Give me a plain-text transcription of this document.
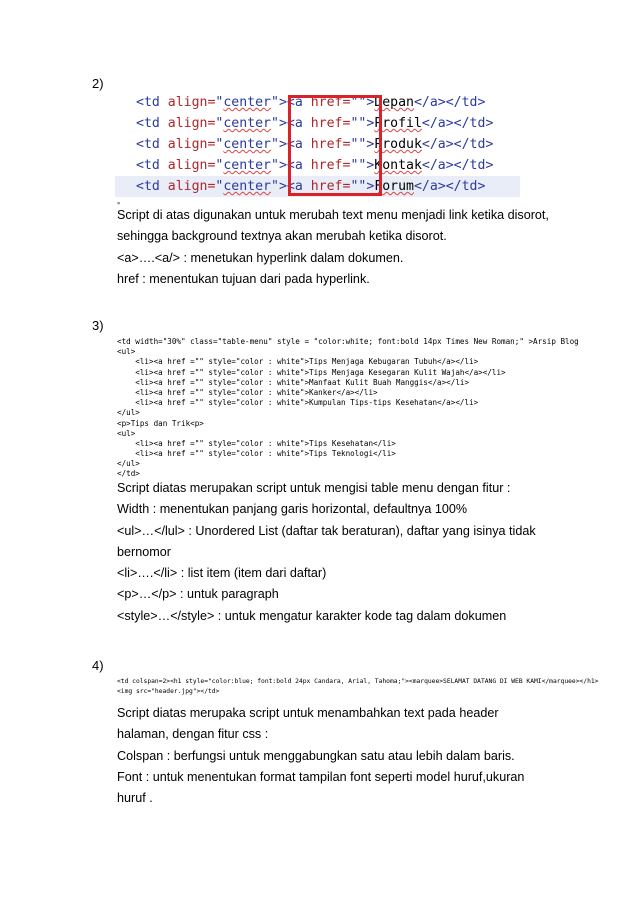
2)
<td align="center"><a href="">Depan</a></td>
<td align="center"><a href="">Profil</a></td>
<td align="center"><a href="">Produk</a></td>
<td align="center"><a href="">Kontak</a></td>
<td align="center"><a href="">Forum</a></td>
▪

Script di atas digunakan untuk merubah text menu menjadi link ketika disorot,

sehingga background textnya akan merubah ketika disorot.

<a>….<a/> : menetukan hyperlink dalam dokumen.

href : menentukan tujuan dari pada hyperlink.

3)
<td width="30%" class="table-menu" style = "color:white; font:bold 14px Times New Roman;" >Arsip Blog
<ul>
<li><a href ="" style="color : white">Tips Menjaga Kebugaran Tubuh</a></li>
<li><a href ="" style="color : white">Tips Menjaga Kesegaran Kulit Wajah</a></li>
<li><a href ="" style="color : white">Manfaat Kulit Buah Manggis</a></li>
<li><a href ="" style="color : white">Kanker</a></li>
<li><a href ="" style="color : white">Kumpulan Tips-tips Kesehatan</a></li>
</ul>
<p>Tips dan Trik<p>
<ul>
<li><a href ="" style="color : white">Tips Kesehatan</li>
<li><a href ="" style="color : white">Tips Teknologi</li>
</ul>
</td>

Script diatas merupakan script untuk mengisi table menu dengan fitur :

Width : menentukan panjang garis horizontal, defaultnya 100%

<ul>…</lul> : Unordered List (daftar tak beraturan), daftar yang isinya tidak

bernomor

<li>….</li> : list item (item dari daftar)

<p>…</p> : untuk paragraph

<style>…</style> : untuk mengatur karakter kode tag dalam dokumen

4)
<td colspan=2><h1 style="color:blue; font:bold 24px Candara, Arial, Tahoma;"><marquee>SELAMAT DATANG DI WEB KAMI</marquee></h1>
<img src="header.jpg"></td>

Script diatas merupaka script untuk menambahkan text pada header

halaman, dengan fitur css :

Colspan : berfungsi untuk menggabungkan satu atau lebih dalam baris.

Font : untuk menentukan format tampilan font seperti model huruf,ukuran

huruf .
